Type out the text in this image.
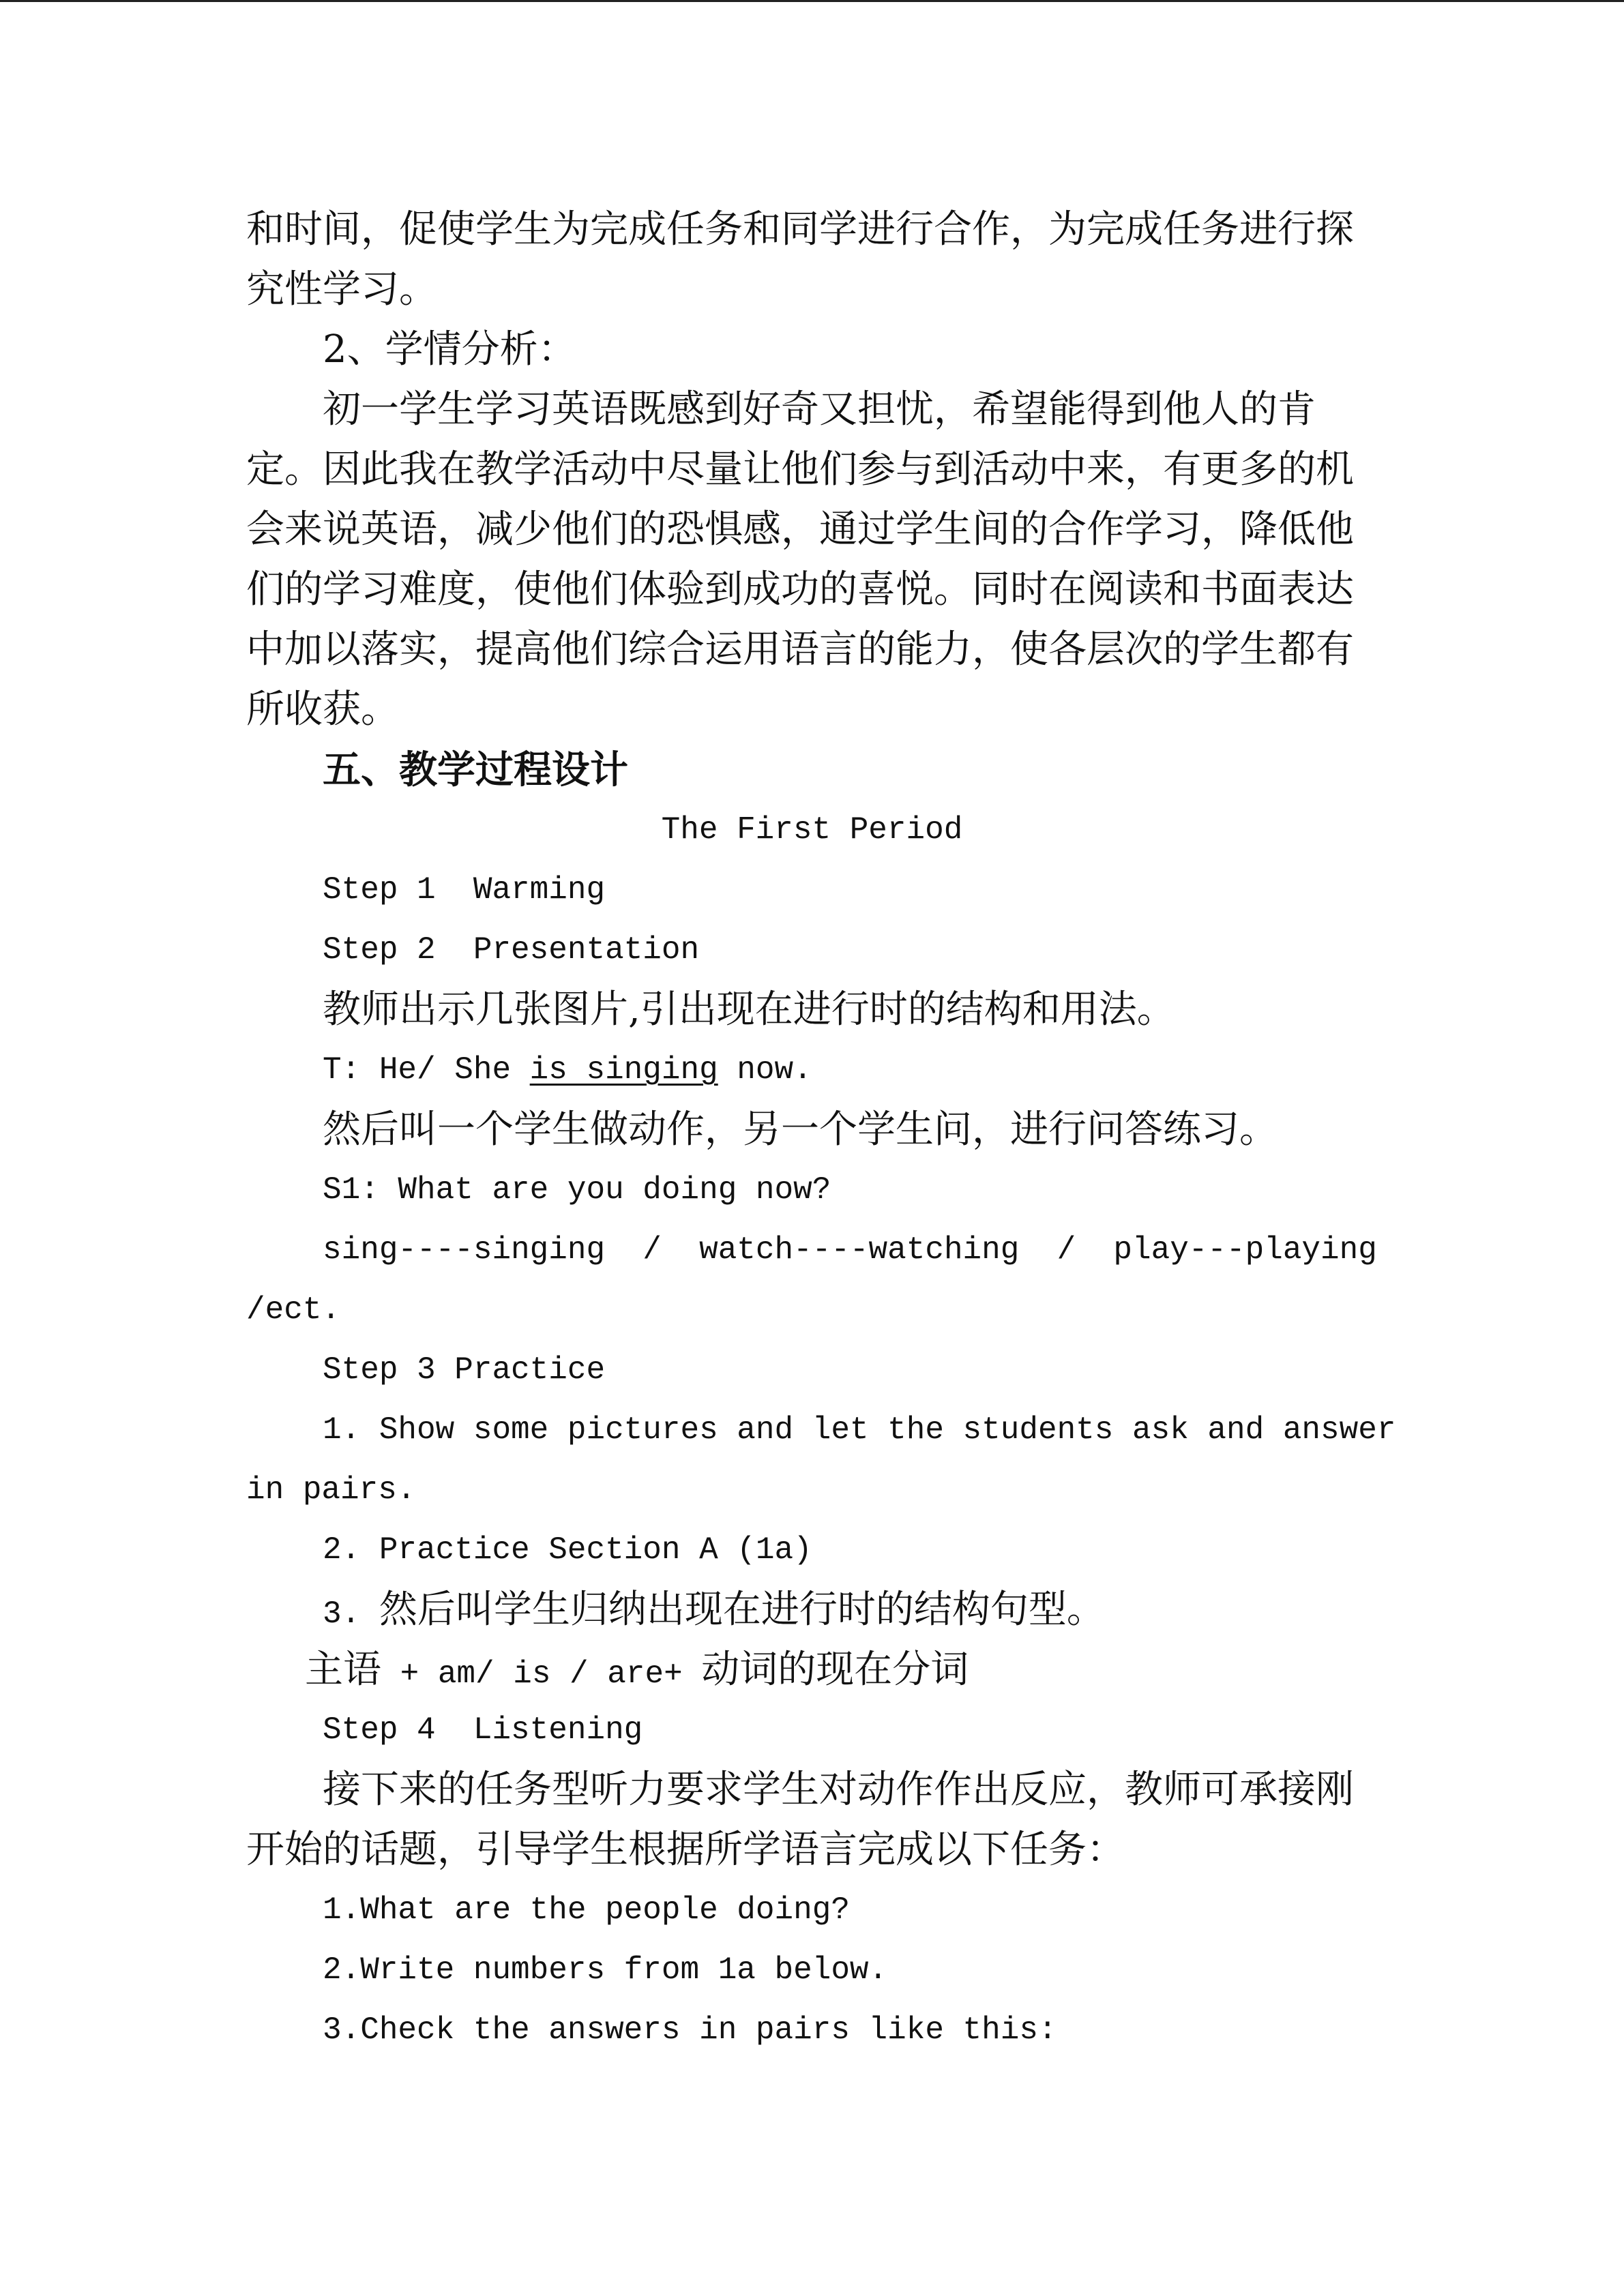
和时间，促使学生为完成任务和同学进行合作，为完成任务进行探
究性学习。
2、学情分析：
初一学生学习英语既感到好奇又担忧，希望能得到他人的肯
定。因此我在教学活动中尽量让他们参与到活动中来，有更多的机
会来说英语，减少他们的恐惧感，通过学生间的合作学习，降低他
们的学习难度，使他们体验到成功的喜悦。同时在阅读和书面表达
中加以落实，提高他们综合运用语言的能力，使各层次的学生都有
所收获。
五、教学过程设计
The First Period
Step 1  Warming
Step 2  Presentation
教师出示几张图片,引出现在进行时的结构和用法。
T: He/ She is singing now.
然后叫一个学生做动作，另一个学生问，进行问答练习。
S1: What are you doing now?
sing----singing  /  watch----watching  /  play---playing
/ect.
Step 3 Practice
1. Show some pictures and let the students ask and answer
in pairs.
2. Practice Section A (1a)
3. 然后叫学生归纳出现在进行时的结构句型。
主语 + am/ is / are+ 动词的现在分词
Step 4  Listening
接下来的任务型听力要求学生对动作作出反应，教师可承接刚
开始的话题，引导学生根据所学语言完成以下任务：
1.What are the people doing?
2.Write numbers from 1a below.
3.Check the answers in pairs like this:
